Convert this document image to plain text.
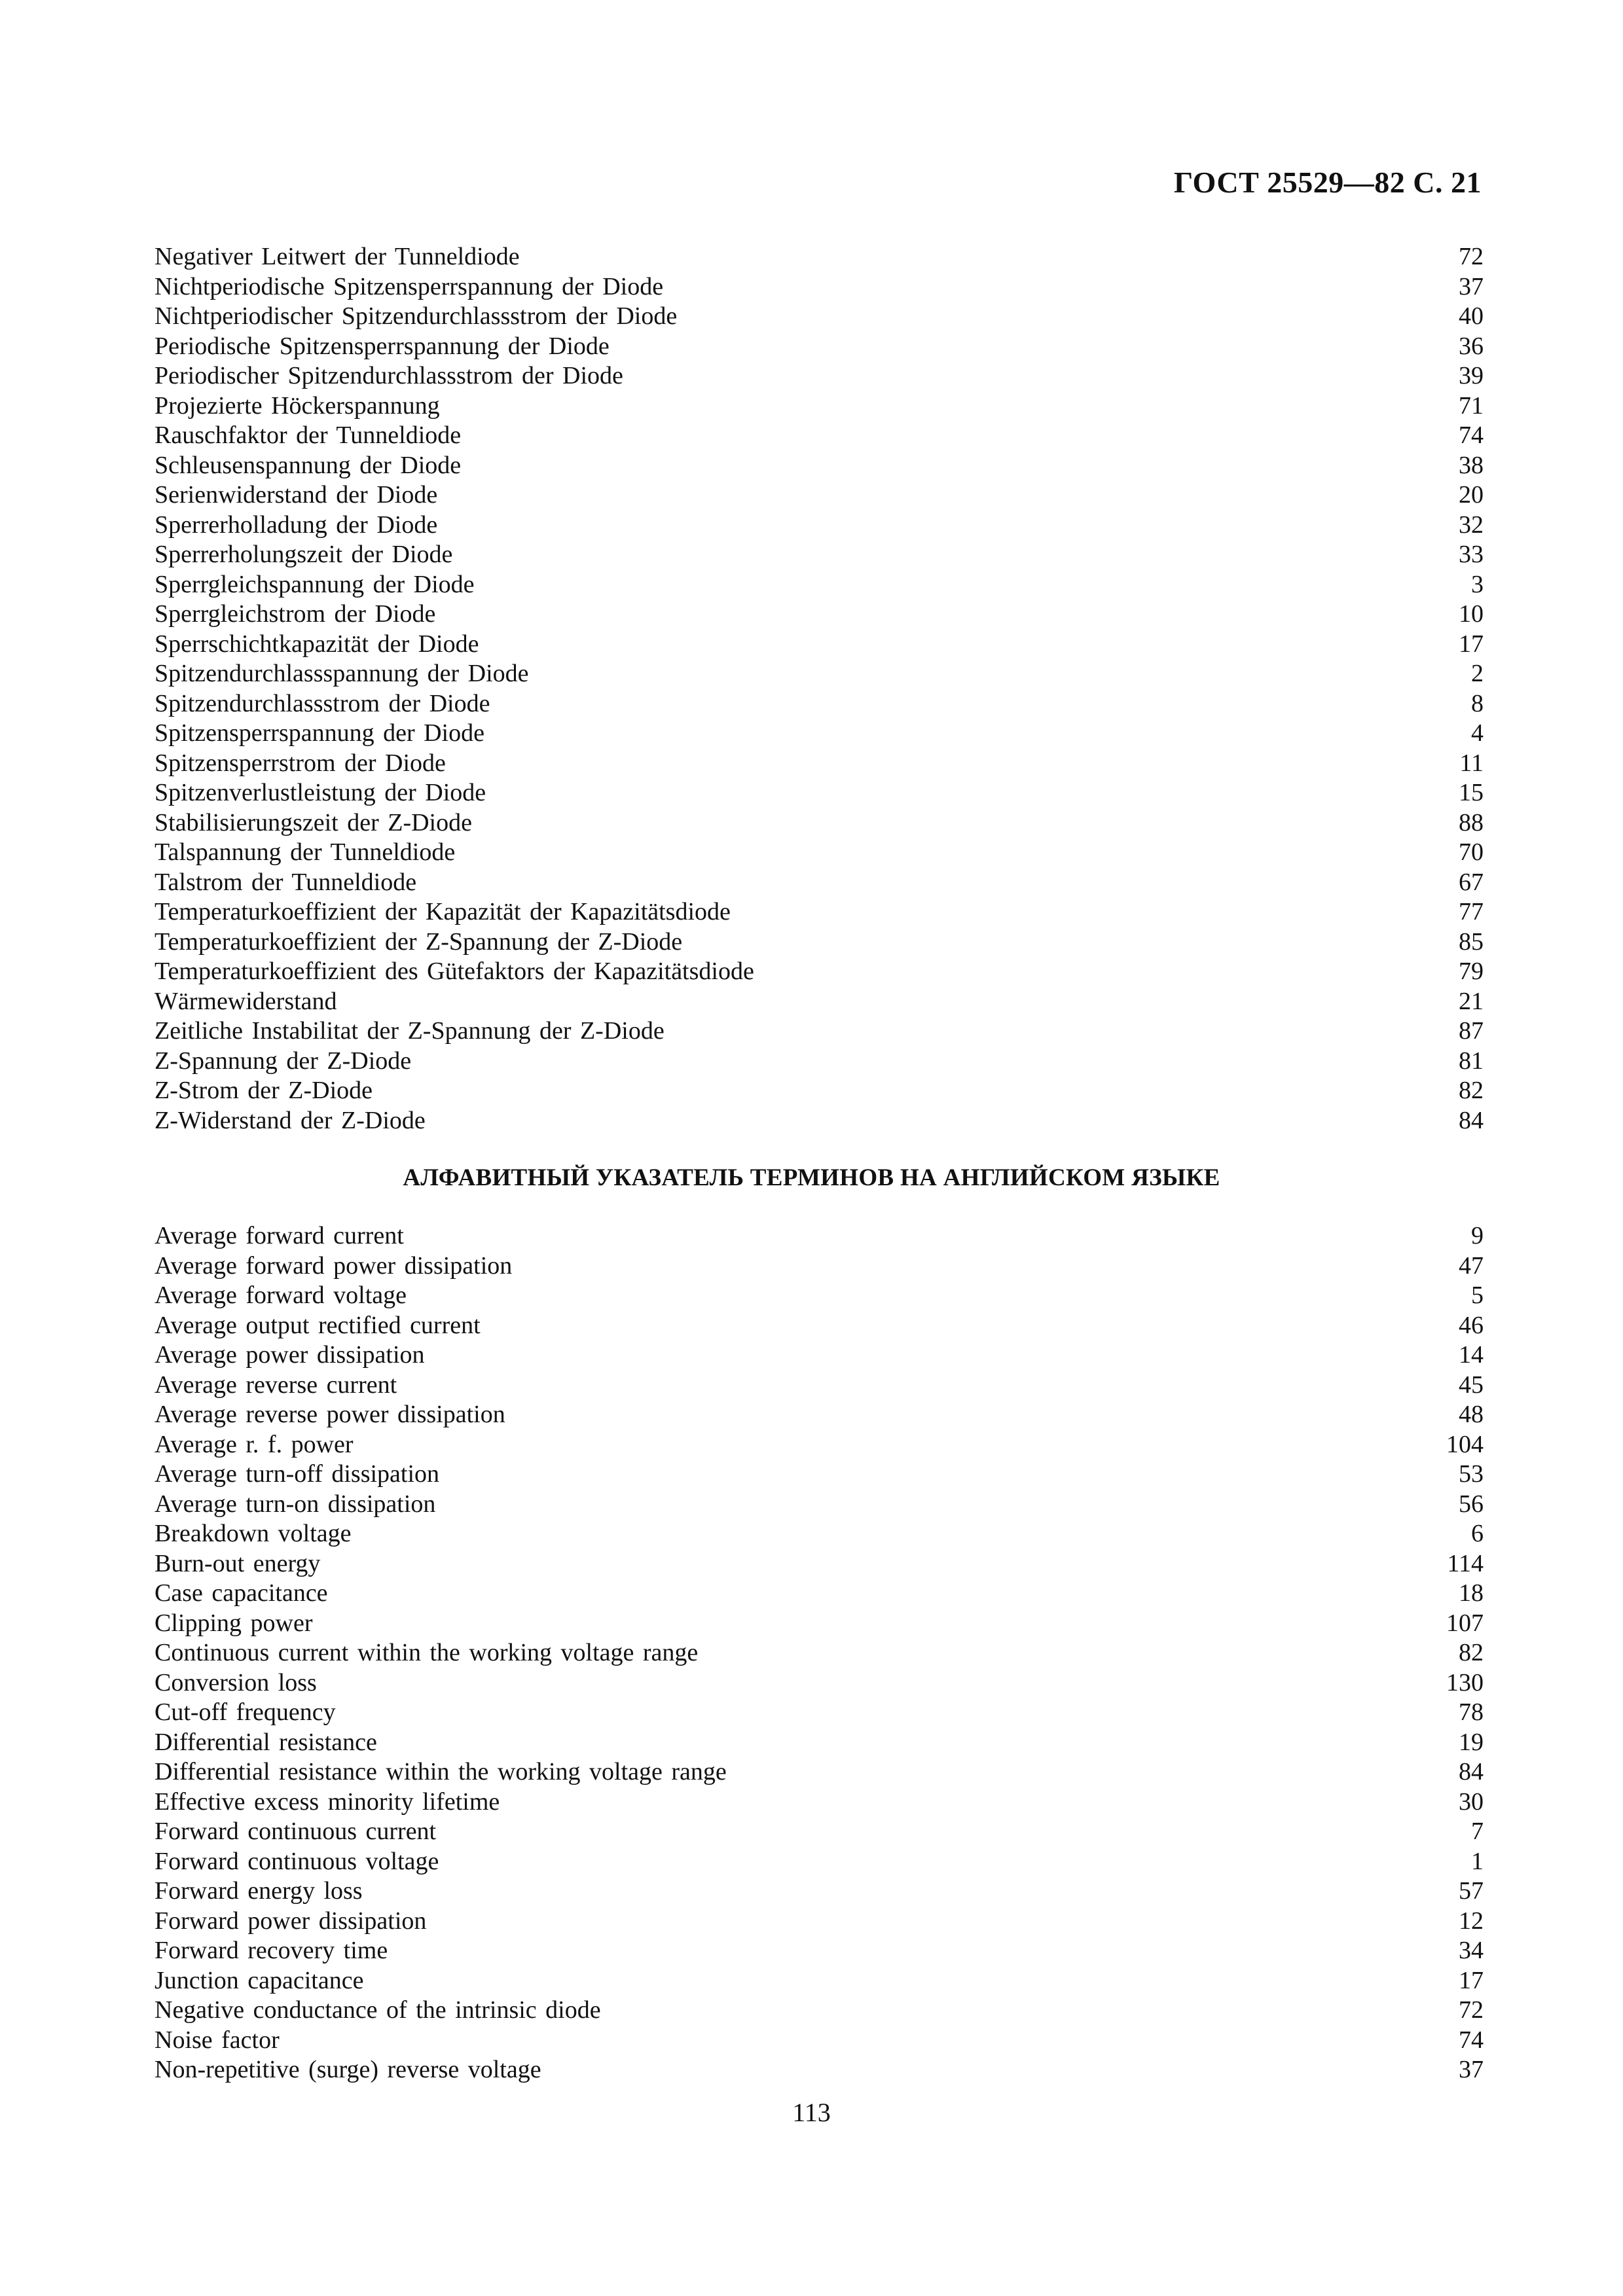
ГОСТ 25529—82 С. 21
Negativer Leitwert der Tunneldiode	72
Nichtperiodische Spitzensperrspannung der Diode	37
Nichtperiodischer Spitzendurchlassstrom der Diode	40
Periodische Spitzensperrspannung der Diode	36
Periodischer Spitzendurchlassstrom der Diode	39
Projezierte Höckerspannung	71
Rauschfaktor der Tunneldiode	74
Schleusenspannung der Diode	38
Serienwiderstand der Diode	20
Sperrerholladung der Diode	32
Sperrerholungszeit der Diode	33
Sperrgleichspannung der Diode	3
Sperrgleichstrom der Diode	10
Sperrschichtkapazität der Diode	17
Spitzendurchlassspannung der Diode	2
Spitzendurchlassstrom der Diode	8
Spitzensperrspannung der Diode	4
Spitzensperrstrom der Diode	11
Spitzenverlustleistung der Diode	15
Stabilisierungszeit der Z-Diode	88
Talspannung der Tunneldiode	70
Talstrom der Tunneldiode	67
Temperaturkoeffizient der Kapazität der Kapazitätsdiode	77
Temperaturkoeffizient der Z-Spannung der Z-Diode	85
Temperaturkoeffizient des Gütefaktors der Kapazitätsdiode	79
Wärmewiderstand	21
Zeitliche Instabilitat der Z-Spannung der Z-Diode	87
Z-Spannung der Z-Diode	81
Z-Strom der Z-Diode	82
Z-Widerstand der Z-Diode	84
АЛФАВИТНЫЙ УКАЗАТЕЛЬ ТЕРМИНОВ НА АНГЛИЙСКОМ ЯЗЫКЕ
Average forward current	9
Average forward power dissipation	47
Average forward voltage	5
Average output rectified current	46
Average power dissipation	14
Average reverse current	45
Average reverse power dissipation	48
Average r. f. power	104
Average turn-off dissipation	53
Average turn-on dissipation	56
Breakdown voltage	6
Burn-out energy	114
Case capacitance	18
Clipping power	107
Continuous current within the working voltage range	82
Conversion loss	130
Cut-off frequency	78
Differential resistance	19
Differential resistance within the working voltage range	84
Effective excess minority lifetime	30
Forward continuous current	7
Forward continuous voltage	1
Forward energy loss	57
Forward power dissipation	12
Forward recovery time	34
Junction capacitance	17
Negative conductance of the intrinsic diode	72
Noise factor	74
Non-repetitive (surge) reverse voltage	37
113
